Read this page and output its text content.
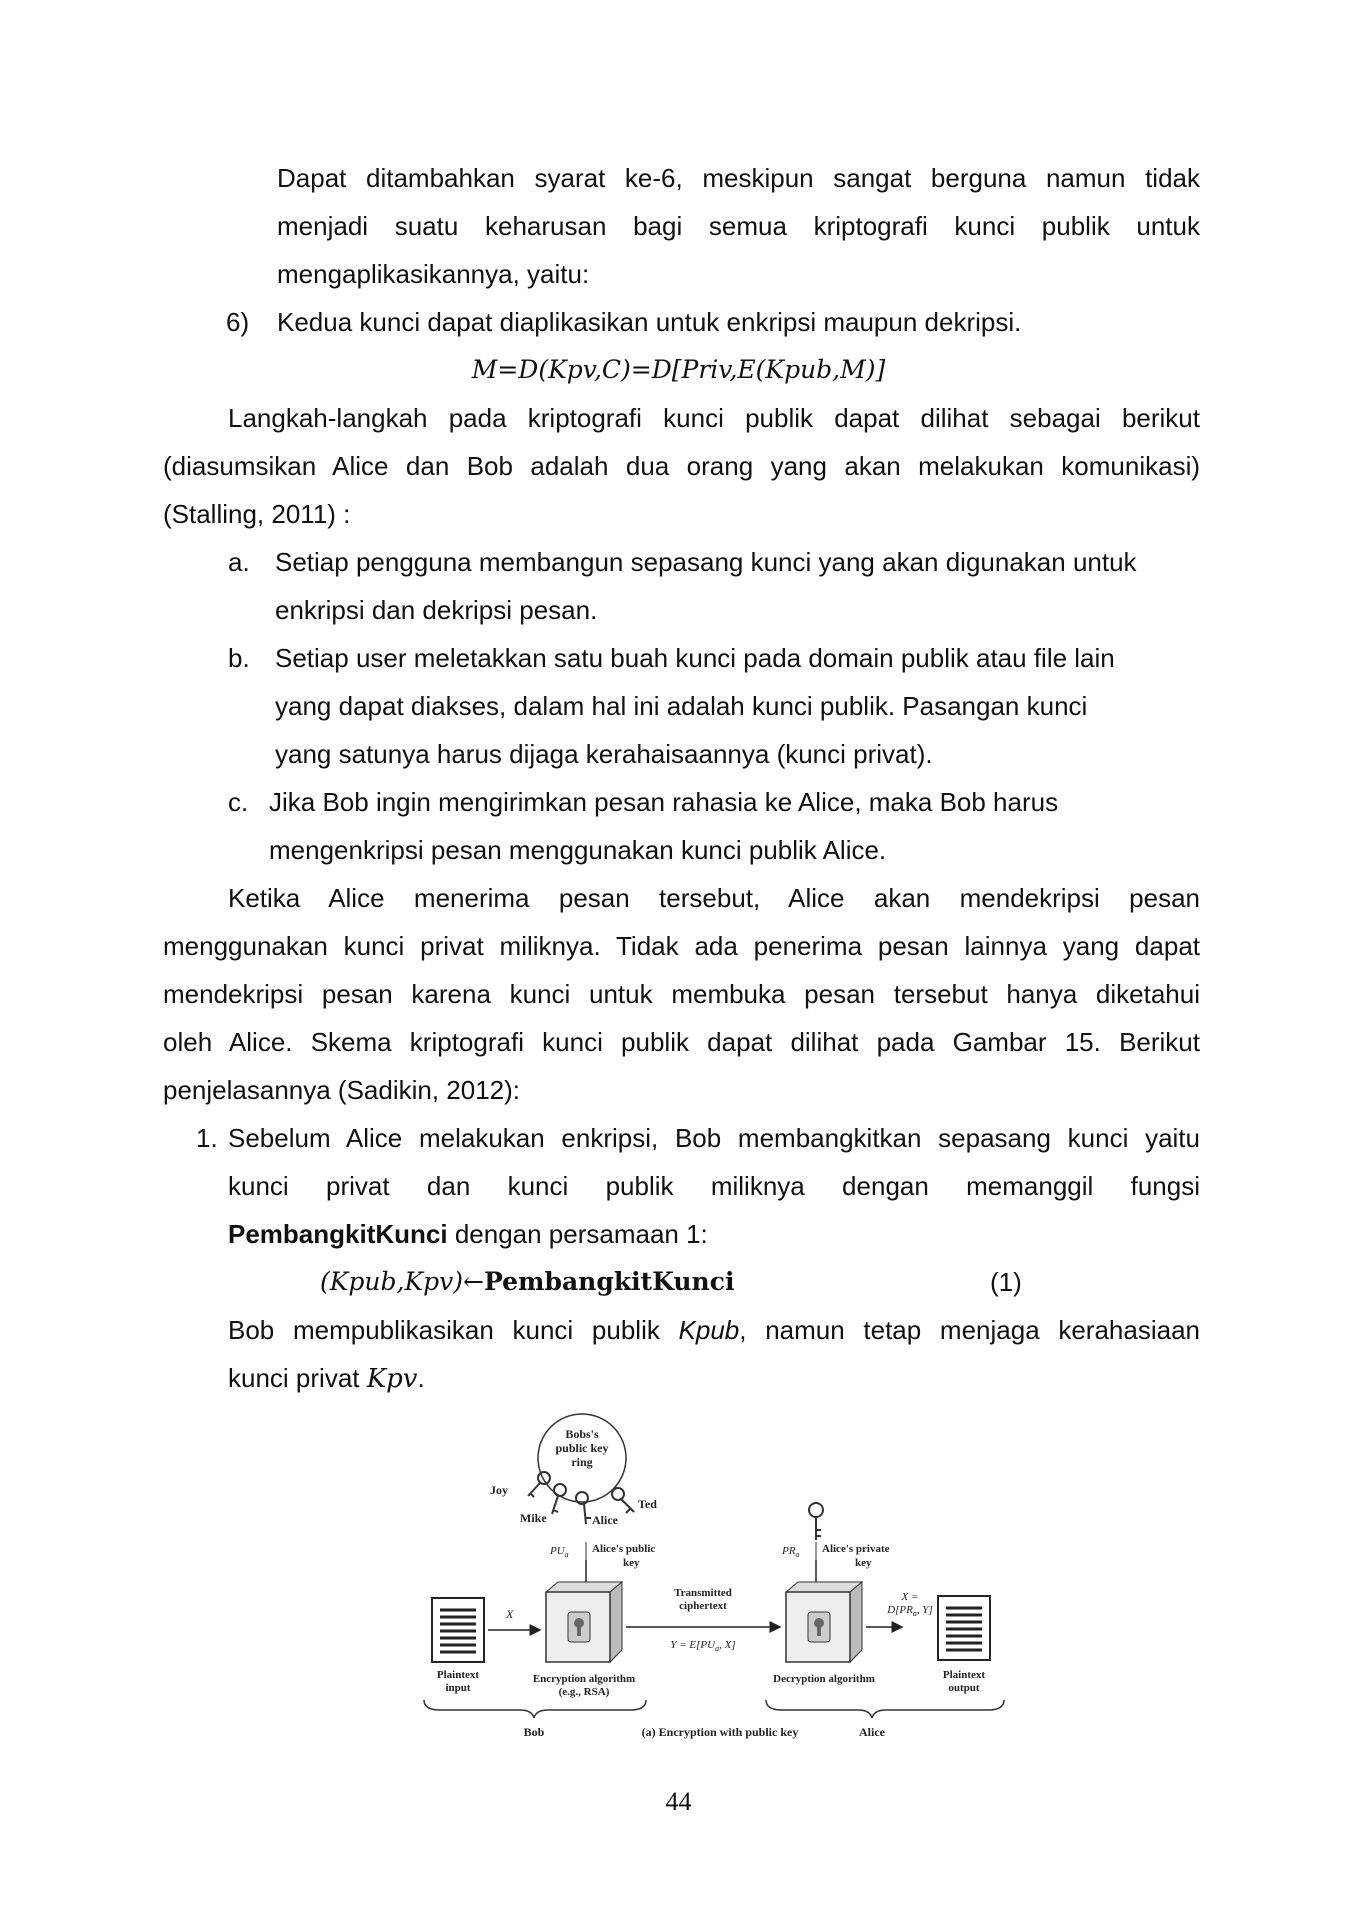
Dapat ditambahkan syarat ke-6, meskipun sangat berguna namun tidak
menjadi suatu keharusan bagi semua kriptografi kunci publik untuk
mengaplikasikannya, yaitu:
6) Kedua kunci dapat diaplikasikan untuk enkripsi maupun dekripsi.
M=D(Kpv,C)=D[Priv,E(Kpub,M)]
Langkah-langkah pada kriptografi kunci publik dapat dilihat sebagai berikut
(diasumsikan Alice dan Bob adalah dua orang yang akan melakukan komunikasi)
(Stalling, 2011) :
a. Setiap pengguna membangun sepasang kunci yang akan digunakan untuk
enkripsi dan dekripsi pesan.
b. Setiap user meletakkan satu buah kunci pada domain publik atau file lain
yang dapat diakses, dalam hal ini adalah kunci publik. Pasangan kunci
yang satunya harus dijaga kerahaisaannya (kunci privat).
c. Jika Bob ingin mengirimkan pesan rahasia ke Alice, maka Bob harus
mengenkripsi pesan menggunakan kunci publik Alice.
Ketika Alice menerima pesan tersebut, Alice akan mendekripsi pesan
menggunakan kunci privat miliknya. Tidak ada penerima pesan lainnya yang dapat
mendekripsi pesan karena kunci untuk membuka pesan tersebut hanya diketahui
oleh Alice. Skema kriptografi kunci publik dapat dilihat pada Gambar 15. Berikut
penjelasannya (Sadikin, 2012):
1. Sebelum Alice melakukan enkripsi, Bob membangkitkan sepasang kunci yaitu
kunci privat dan kunci publik miliknya dengan memanggil fungsi
PembangkitKunci dengan persamaan 1:
(Kpub,Kpv)←PembangkitKunci	(1)
Bob mempublikasikan kunci publik Kpub, namun tetap menjaga kerahasiaan
kunci privat Kpv.
Bobs's
public key
ring
Joy
Mike	Alice
Ted
$PU_a$ Alice's public
key
X
Transmitted
ciphertext
$Y = E[PU_a$, X]
$PR_a$ Alice's private
key
X =
$D[PR_a$, Y]
Plaintext
input
Encryption algorithm
(e.g., RSA)
Decryption algorithm	Plaintext
output
Bob	(a) Encryption with public key	Alice
44
